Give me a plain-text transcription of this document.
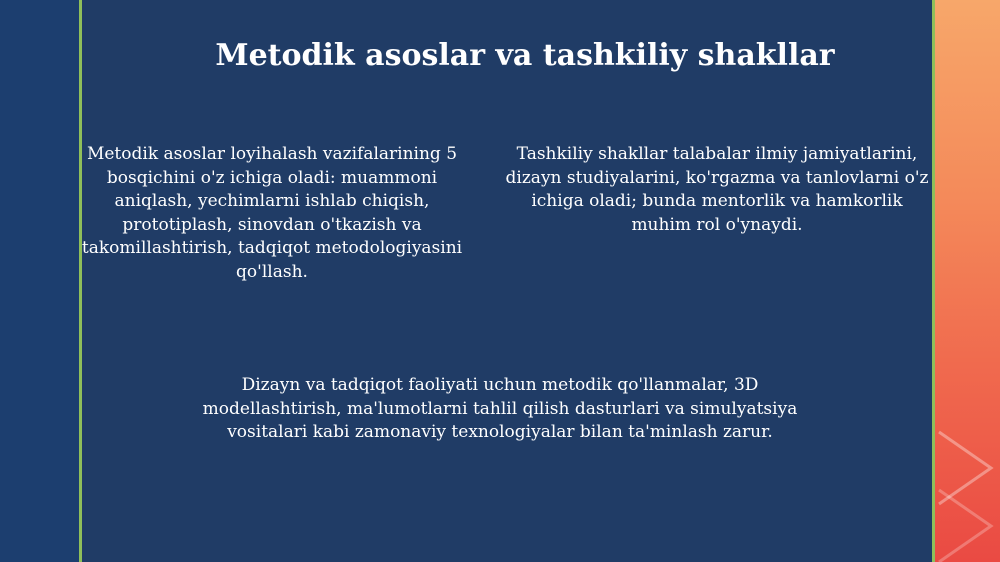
Metodik asoslar va tashkiliy shakllar

Metodik asoslar loyihalash vazifalarining 5 bosqichini o'z ichiga oladi: muammoni aniqlash, yechimlarni ishlab chiqish, prototiplash, sinovdan o'tkazish va takomillashtirish, tadqiqot metodologiyasini qo'llash.

Tashkiliy shakllar talabalar ilmiy jamiyatlarini, dizayn studiyalarini, ko'rgazma va tanlovlarni o'z ichiga oladi; bunda mentorlik va hamkorlik muhim rol o'ynaydi.

Dizayn va tadqiqot faoliyati uchun metodik qo'llanmalar, 3D modellashtirish, ma'lumotlarni tahlil qilish dasturlari va simulyatsiya vositalari kabi zamonaviy texnologiyalar bilan ta'minlash zarur.
